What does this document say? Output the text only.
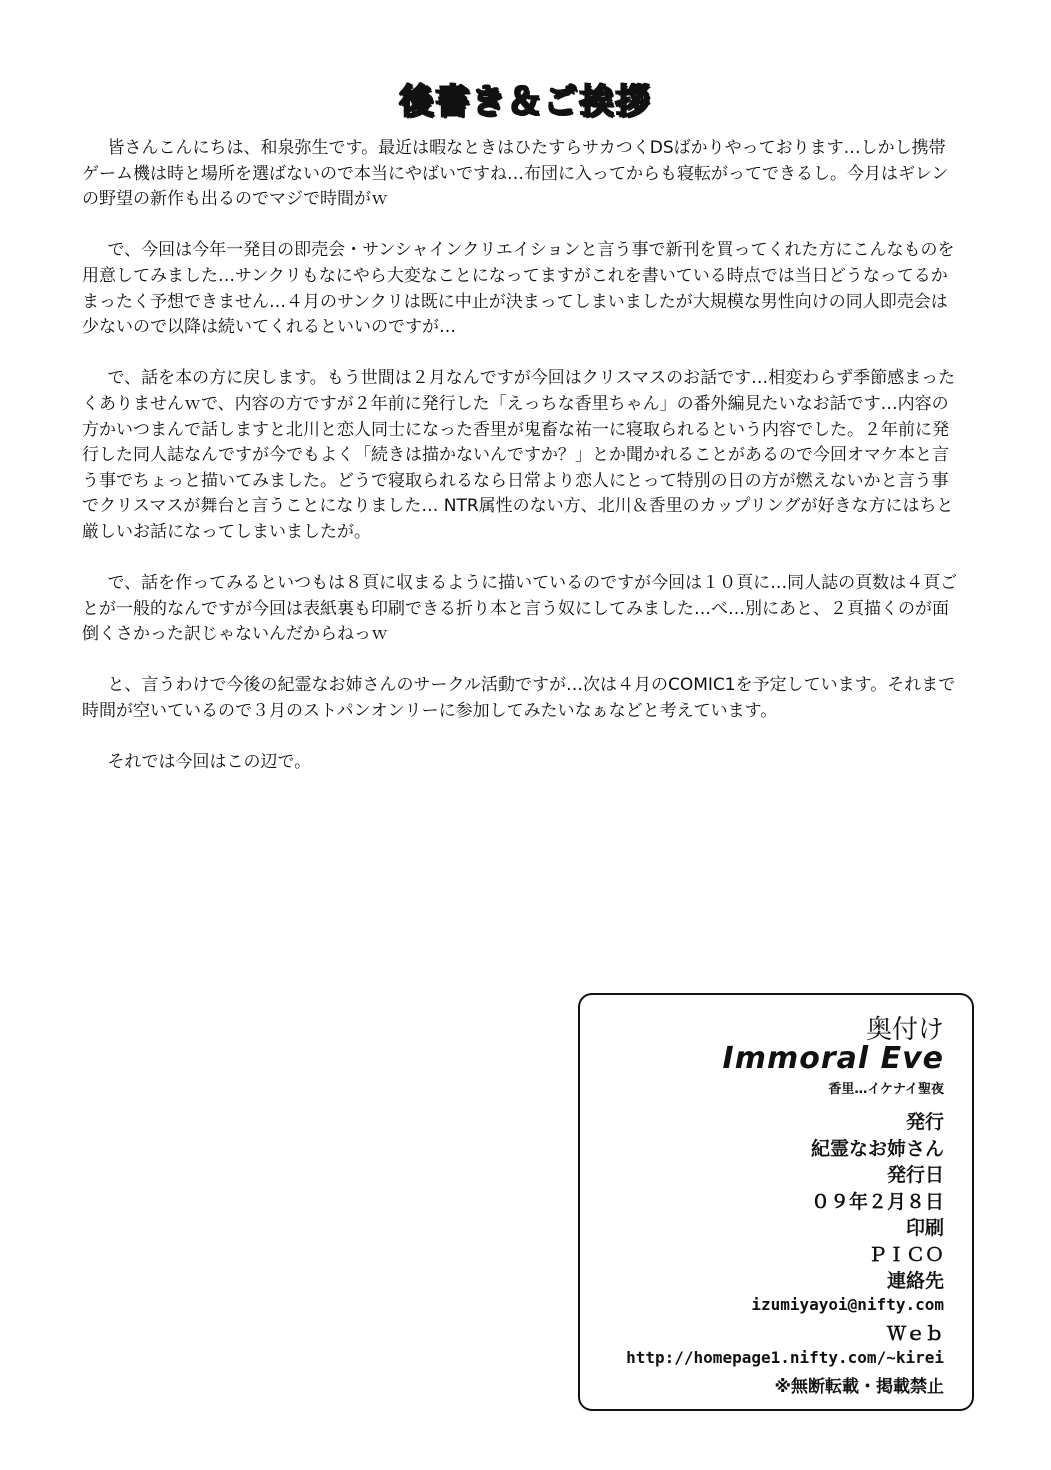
後書き＆ご挨拶

皆さんこんにちは、和泉弥生です。最近は暇なときはひたすらサカつくDSばかりやっております…しかし携帯ゲーム機は時と場所を選ばないので本当にやばいですね…布団に入ってからも寝転がってできるし。今月はギレンの野望の新作も出るのでマジで時間がｗ

で、今回は今年一発目の即売会・サンシャインクリエイションと言う事で新刊を買ってくれた方にこんなものを用意してみました…サンクリもなにやら大変なことになってますがこれを書いている時点では当日どうなってるかまったく予想できません…４月のサンクリは既に中止が決まってしまいましたが大規模な男性向けの同人即売会は少ないので以降は続いてくれるといいのですが…

で、話を本の方に戻します。もう世間は２月なんですが今回はクリスマスのお話です…相変わらず季節感まったくありませんｗで、内容の方ですが２年前に発行した「えっちな香里ちゃん」の番外編見たいなお話です…内容の方かいつまんで話しますと北川と恋人同士になった香里が鬼畜な祐一に寝取られるという内容でした。２年前に発行した同人誌なんですが今でもよく「続きは描かないんですか？」とか聞かれることがあるので今回オマケ本と言う事でちょっと描いてみました。どうで寝取られるなら日常より恋人にとって特別の日の方が燃えないかと言う事でクリスマスが舞台と言うことになりました… NTR属性のない方、北川＆香里のカップリングが好きな方にはちと厳しいお話になってしまいましたが。

で、話を作ってみるといつもは８頁に収まるように描いているのですが今回は１０頁に…同人誌の頁数は４頁ごとが一般的なんですが今回は表紙裏も印刷できる折り本と言う奴にしてみました…べ…別にあと、２頁描くのが面倒くさかった訳じゃないんだからねっｗ

と、言うわけで今後の紀霊なお姉さんのサークル活動ですが…次は４月のCOMIC1を予定しています。それまで時間が空いているので３月のストパンオンリーに参加してみたいなぁなどと考えています。

それでは今回はこの辺で。

奥付け
Immoral Eve
香里…イケナイ聖夜
発行
紀霊なお姉さん
発行日
０９年２月８日
印刷
ＰＩＣＯ
連絡先
izumiyayoi@nifty.com
Ｗｅｂ
http://homepage1.nifty.com/~kirei
※無断転載・掲載禁止
